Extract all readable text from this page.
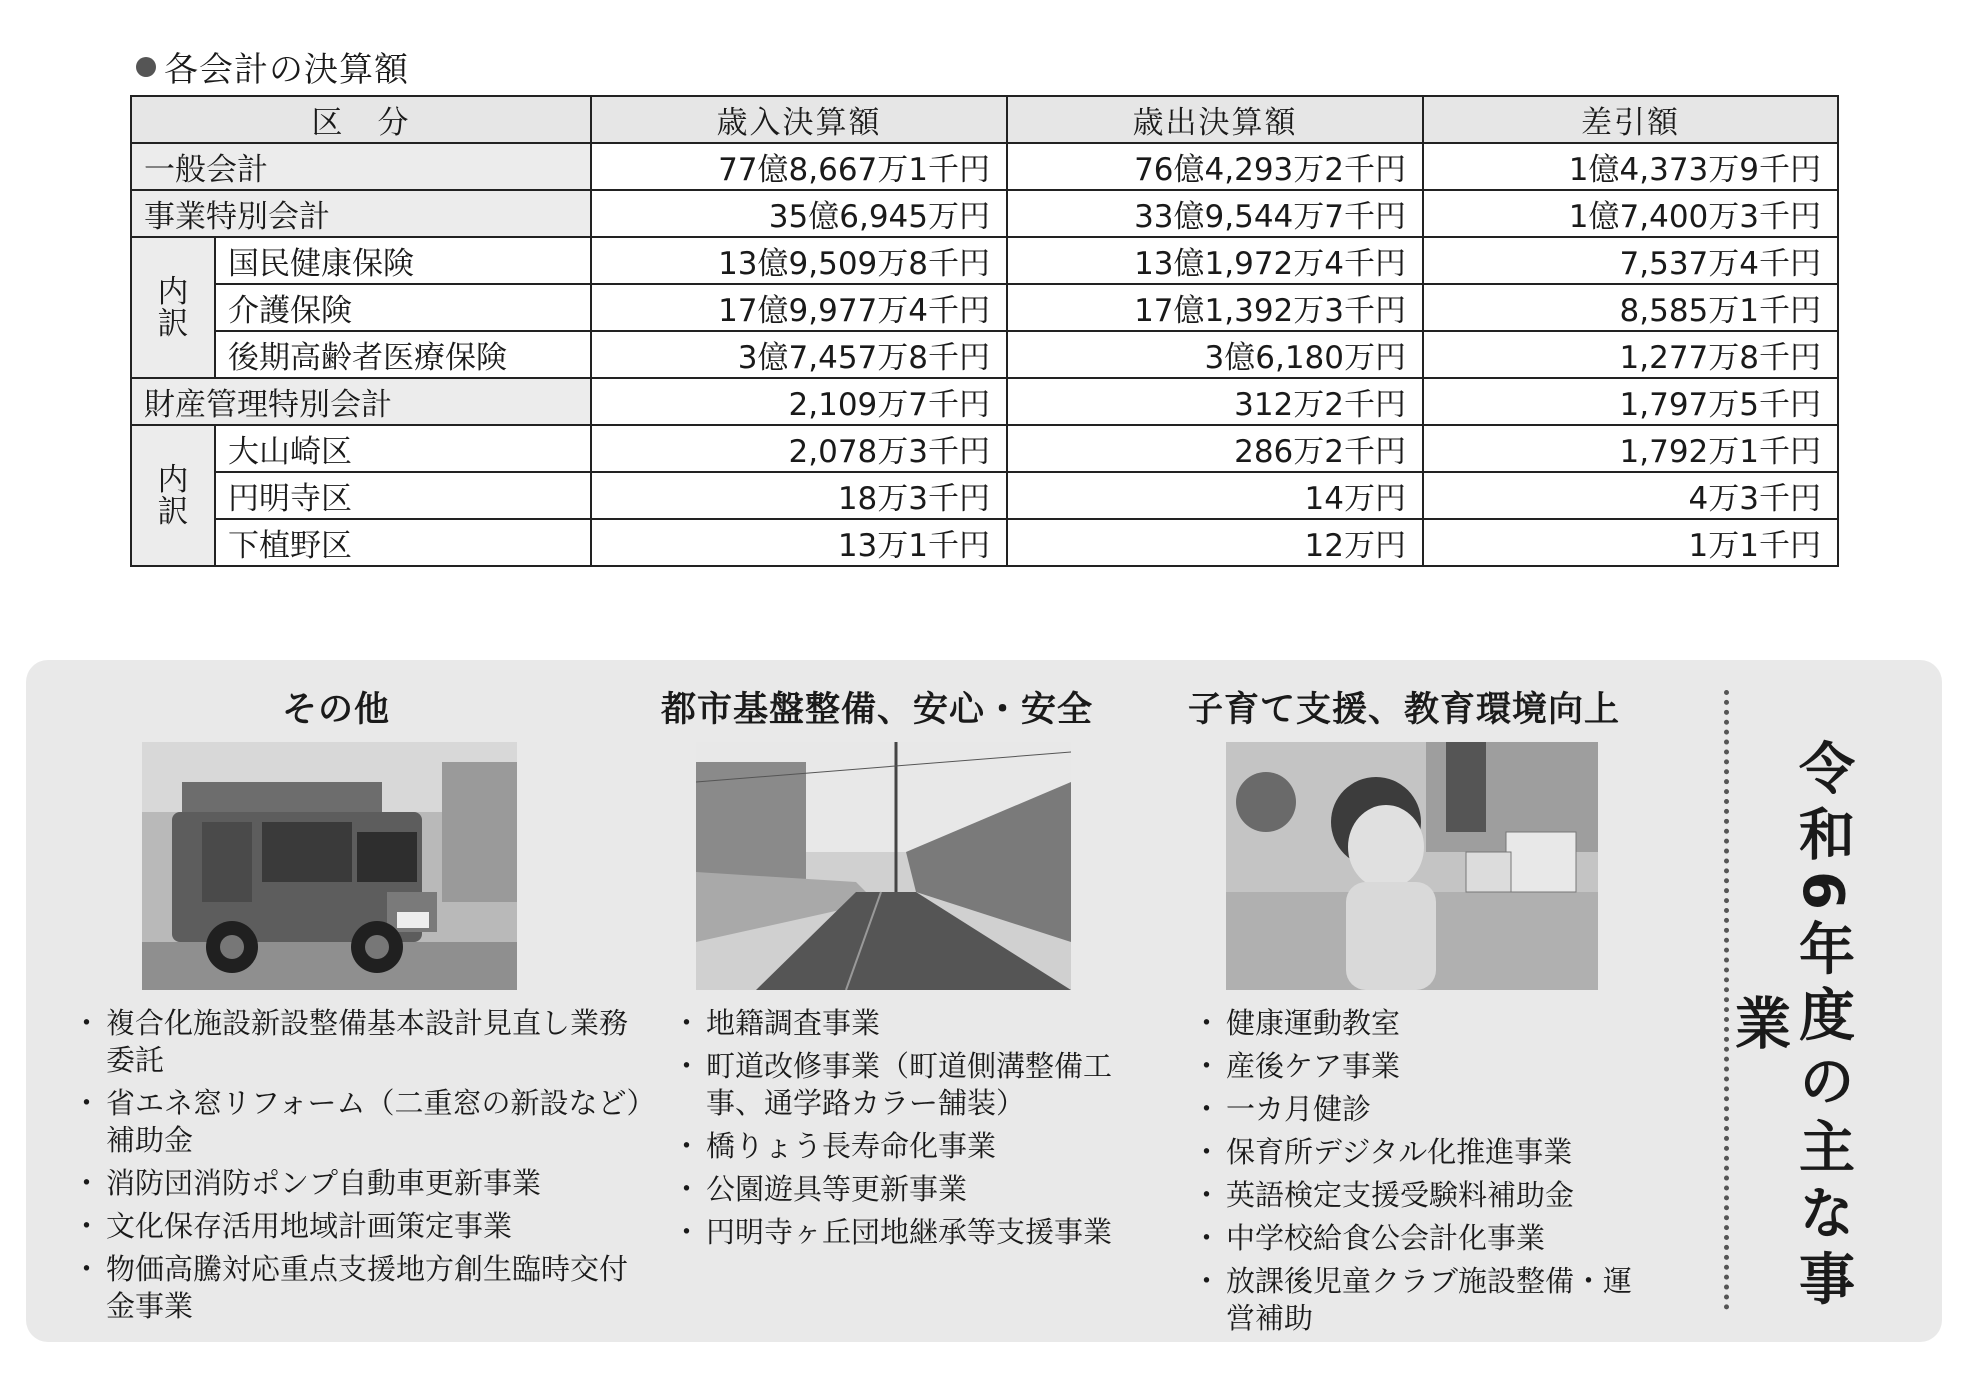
各会計の決算額
区　分		歳入決算額	歳出決算額	差引額
一般会計		77億8,667万1千円	76億4,293万2千円	1億4,373万9千円
事業特別会計		35億6,945万円	33億9,544万7千円	1億7,400万3千円
内訳	国民健康保険	13億9,509万8千円	13億1,972万4千円	7,537万4千円
	介護保険	17億9,977万4千円	17億1,392万3千円	8,585万1千円
	後期高齢者医療保険	3億7,457万8千円	3億6,180万円	1,277万8千円
財産管理特別会計		2,109万7千円	312万2千円	1,797万5千円
内訳	大山崎区	2,078万3千円	286万2千円	1,792万1千円
	円明寺区	18万3千円	14万円	4万3千円
	下植野区	13万1千円	12万円	1万1千円
その他
・ 複合化施設新設整備基本設計見直し業務委託
・ 省エネ窓リフォーム（二重窓の新設など）補助金
・ 消防団消防ポンプ自動車更新事業
・ 文化保存活用地域計画策定事業
・ 物価高騰対応重点支援地方創生臨時交付金事業
都市基盤整備、安心・安全
・ 地籍調査事業
・ 町道改修事業（町道側溝整備工事、通学路カラー舗装）
・ 橋りょう長寿命化事業
・ 公園遊具等更新事業
・ 円明寺ヶ丘団地継承等支援事業
子育て支援、教育環境向上
・ 健康運動教室
・ 産後ケア事業
・ 一カ月健診
・ 保育所デジタル化推進事業
・ 英語検定支援受験料補助金
・ 中学校給食公会計化事業
・ 放課後児童クラブ施設整備・運営補助
令和6年度の主な事業
